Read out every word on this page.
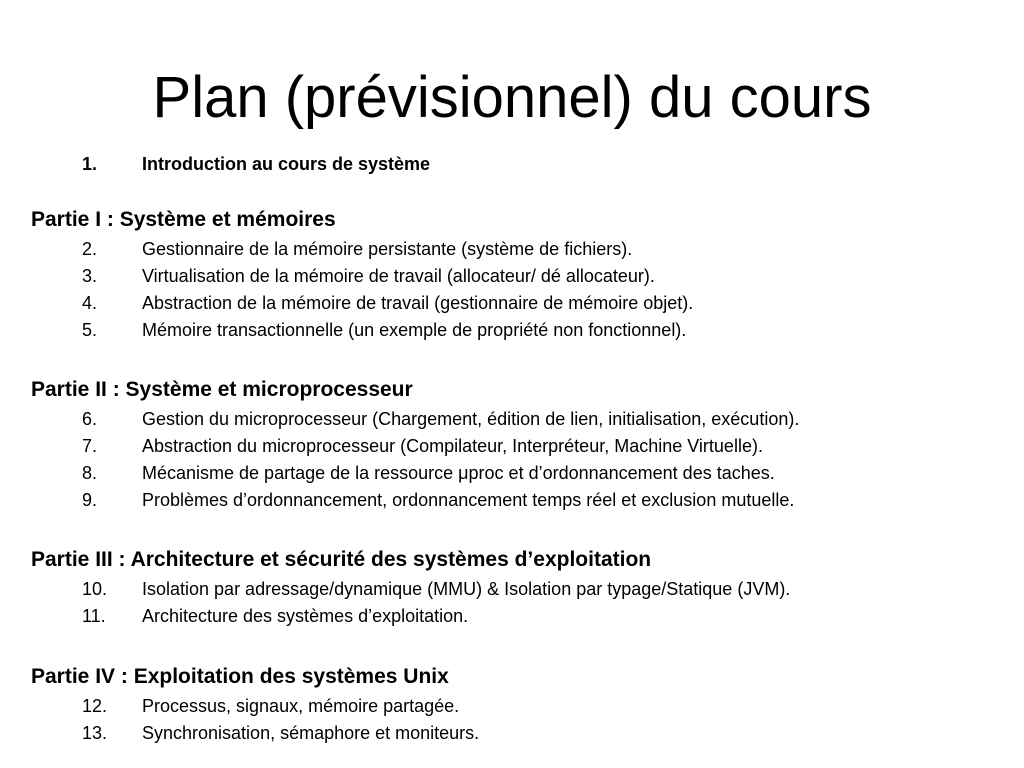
Plan (prévisionnel) du cours
1. Introduction au cours de système
Partie I : Système et mémoires
2. Gestionnaire de la mémoire persistante (système de fichiers).
3. Virtualisation de la mémoire de travail (allocateur/ dé allocateur).
4. Abstraction de la mémoire de travail (gestionnaire de mémoire objet).
5. Mémoire transactionnelle (un exemple de propriété non fonctionnel).
Partie II : Système et microprocesseur
6. Gestion du microprocesseur (Chargement, édition de lien, initialisation, exécution).
7. Abstraction du microprocesseur (Compilateur, Interpréteur, Machine Virtuelle).
8. Mécanisme de partage de la ressource μproc et d’ordonnancement des taches.
9. Problèmes d’ordonnancement, ordonnancement temps réel et exclusion mutuelle.
Partie III : Architecture et sécurité des systèmes d’exploitation
10. Isolation par adressage/dynamique (MMU) & Isolation par typage/Statique (JVM).
11. Architecture des systèmes d’exploitation.
Partie IV : Exploitation des systèmes Unix
12. Processus, signaux, mémoire partagée.
13. Synchronisation, sémaphore et moniteurs.
